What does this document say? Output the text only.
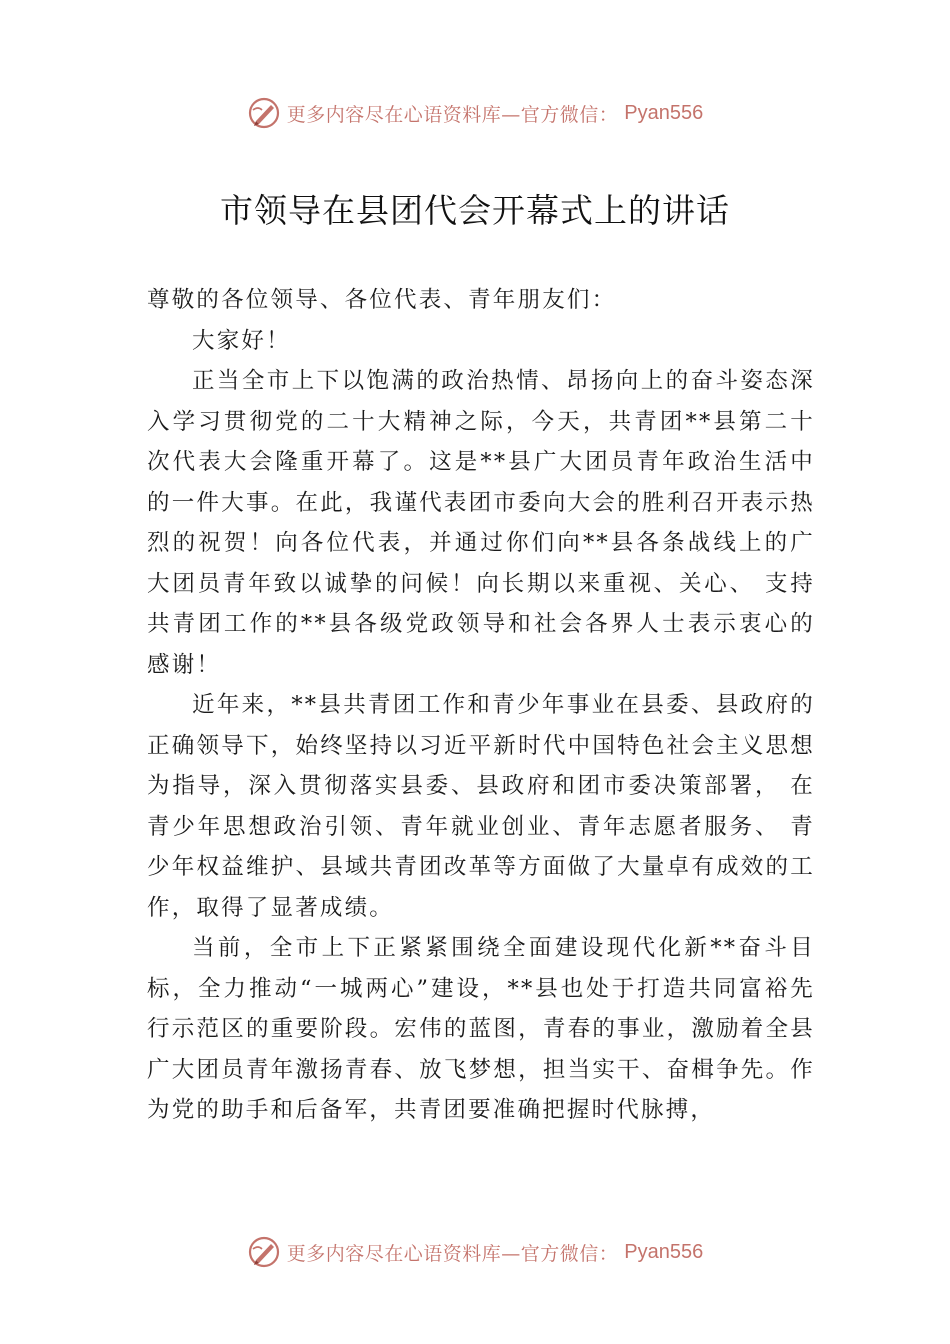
更多内容尽在心语资料库—官方微信： Pyan556
市领导在县团代会开幕式上的讲话

尊敬的各位领导、各位代表、青年朋友们：

大家好！

正当全市上下以饱满的政治热情、昂扬向上的奋斗姿态深入学习贯彻党的二十大精神之际，今天，共青团**县第二十次代表大会隆重开幕了。这是**县广大团员青年政治生活中的一件大事。在此，我谨代表团市委向大会的胜利召开表示热烈的祝贺！向各位代表，并通过你们向**县各条战线上的广大团员青年致以诚挚的问候！向长期以来重视、关心、 支持共青团工作的**县各级党政领导和社会各界人士表示衷心的感谢！

近年来，**县共青团工作和青少年事业在县委、县政府的正确领导下，始终坚持以习近平新时代中国特色社会主义思想为指导，深入贯彻落实县委、县政府和团市委决策部署， 在青少年思想政治引领、青年就业创业、青年志愿者服务、 青少年权益维护、县域共青团改革等方面做了大量卓有成效的工作，取得了显著成绩。

当前，全市上下正紧紧围绕全面建设现代化新**奋斗目标，全力推动“一城两心”建设，**县也处于打造共同富裕先行示范区的重要阶段。宏伟的蓝图，青春的事业，激励着全县广大团员青年激扬青春、放飞梦想，担当实干、奋楫争先。作为党的助手和后备军，共青团要准确把握时代脉搏，

更多内容尽在心语资料库—官方微信： Pyan556
